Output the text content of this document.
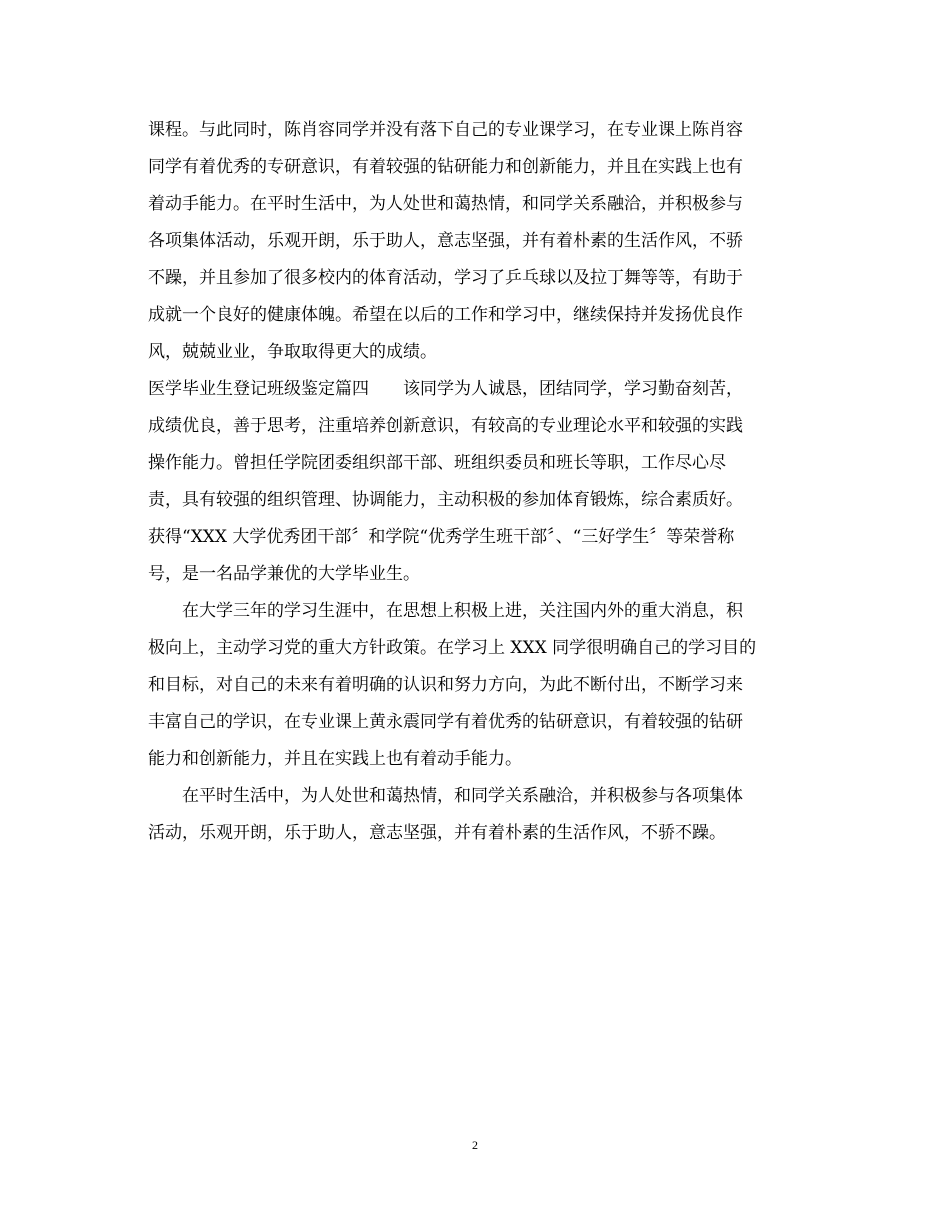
课程。与此同时，陈肖容同学并没有落下自己的专业课学习，在专业课上陈肖容
同学有着优秀的专研意识，有着较强的钻研能力和创新能力，并且在实践上也有
着动手能力。在平时生活中，为人处世和蔼热情，和同学关系融洽，并积极参与
各项集体活动，乐观开朗，乐于助人，意志坚强，并有着朴素的生活作风，不骄
不躁，并且参加了很多校内的体育活动，学习了乒乓球以及拉丁舞等等，有助于
成就一个良好的健康体魄。希望在以后的工作和学习中，继续保持并发扬优良作
风，兢兢业业，争取取得更大的成绩。
医学毕业生登记班级鉴定篇四　　该同学为人诚恳，团结同学，学习勤奋刻苦，
成绩优良，善于思考，注重培养创新意识，有较高的专业理论水平和较强的实践
操作能力。曾担任学院团委组织部干部、班组织委员和班长等职，工作尽心尽
责，具有较强的组织管理、协调能力，主动积极的参加体育锻炼，综合素质好。
获得“XXX 大学优秀团干部〞和学院“优秀学生班干部〞、“三好学生〞等荣誉称
号，是一名品学兼优的大学毕业生。
　　在大学三年的学习生涯中，在思想上积极上进，关注国内外的重大消息，积
极向上，主动学习党的重大方针政策。在学习上 XXX 同学很明确自己的学习目的
和目标，对自己的未来有着明确的认识和努力方向，为此不断付出，不断学习来
丰富自己的学识，在专业课上黄永震同学有着优秀的钻研意识，有着较强的钻研
能力和创新能力，并且在实践上也有着动手能力。
　　在平时生活中，为人处世和蔼热情，和同学关系融洽，并积极参与各项集体
活动，乐观开朗，乐于助人，意志坚强，并有着朴素的生活作风，不骄不躁。
2
